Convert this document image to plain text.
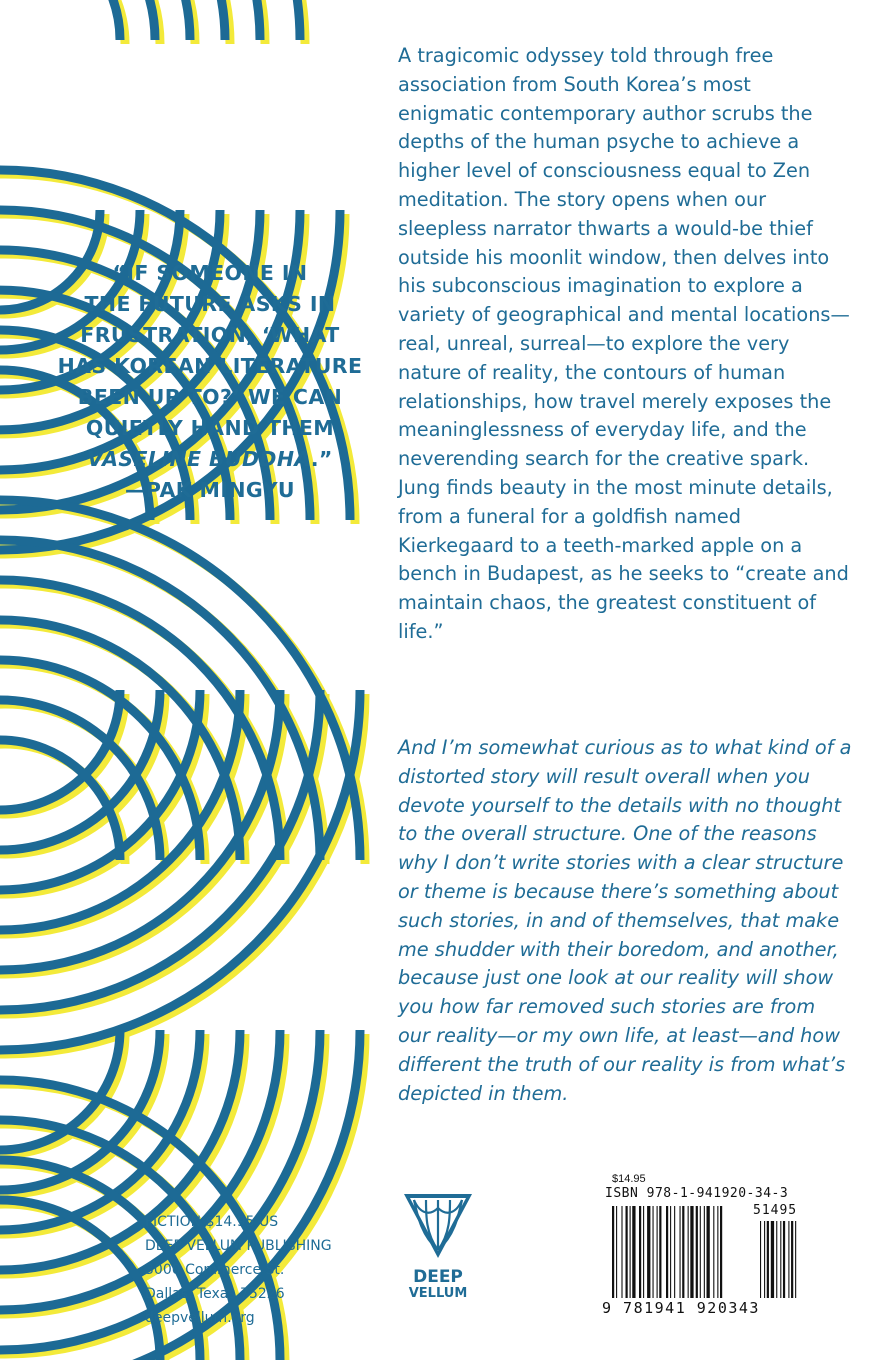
“IF SOMEONE IN
THE FUTURE ASKS IN
FRUSTRATION, ‘WHAT
HAS KOREAN LITERATURE
BEEN UP TO?’ WE CAN
QUIETLY HAND THEM
VASELINE BUDDHA.”
—PAK MINGYU

A tragicomic odyssey told through free association from South Korea’s most enigmatic contemporary author scrubs the depths of the human psyche to achieve a higher level of consciousness equal to Zen meditation. The story opens when our sleepless narrator thwarts a would-be thief outside his moonlit window, then delves into his subconscious imagination to explore a variety of geographical and mental locations—real, unreal, surreal—to explore the very nature of reality, the contours of human relationships, how travel merely exposes the meaninglessness of everyday life, and the neverending search for the creative spark. Jung finds beauty in the most minute details, from a funeral for a goldfish named Kierkegaard to a teeth-marked apple on a bench in Budapest, as he seeks to “create and maintain chaos, the greatest constituent of life.”

And I’m somewhat curious as to what kind of a distorted story will result overall when you devote yourself to the details with no thought to the overall structure. One of the reasons why I don’t write stories with a clear structure or theme is because there’s something about such stories, in and of themselves, that make me shudder with their boredom, and another, because just one look at our reality will show you how far removed such stories are from our reality—or my own life, at least—and how different the truth of our reality is from what’s depicted in them.

FICTION $14.95 US
DEEP VELLUM PUBLISHING
3000 Commerce St.
Dallas, Texas 75226
deepvellum.org
DEEP
VELLUM
$14.95
ISBN 978-1-941920-34-3
51495
9 781941 920343
